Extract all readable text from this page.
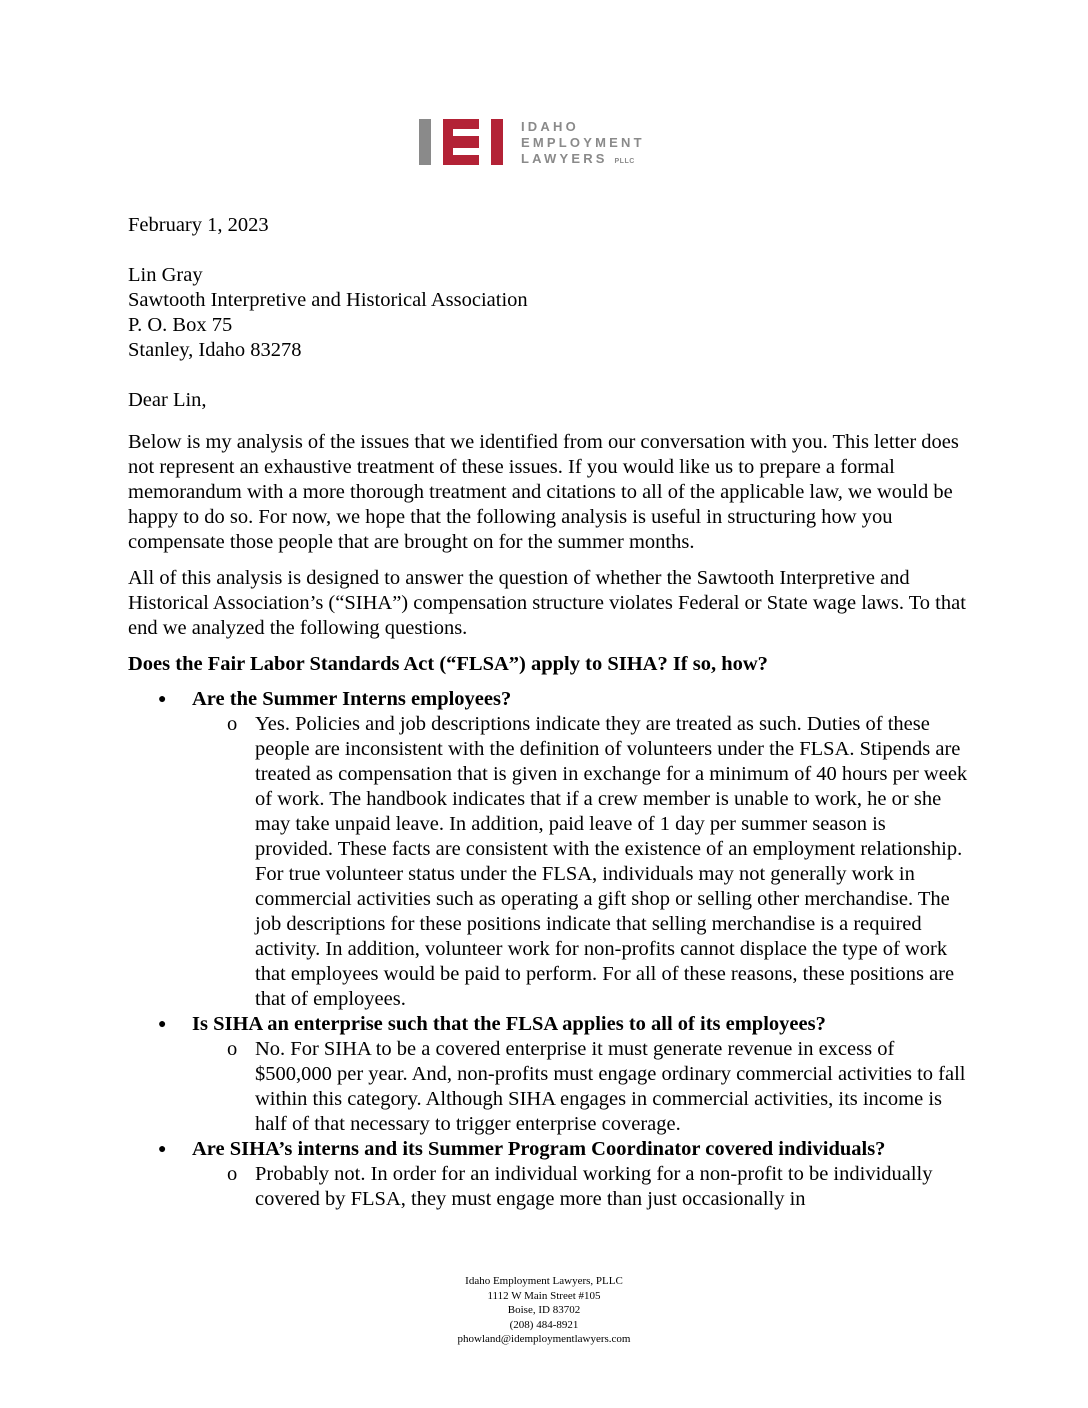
IDAHO
EMPLOYMENT
LAWYERS PLLC

February 1, 2023

Lin Gray

Sawtooth Interpretive and Historical Association

P. O. Box 75

Stanley, Idaho 83278

Dear Lin,

Below is my analysis of the issues that we identified from our conversation with you. This letter does not represent an exhaustive treatment of these issues. If you would like us to prepare a formal memorandum with a more thorough treatment and citations to all of the applicable law, we would be happy to do so. For now, we hope that the following analysis is useful in structuring how you compensate those people that are brought on for the summer months.

All of this analysis is designed to answer the question of whether the Sawtooth Interpretive and Historical Association’s (“SIHA”) compensation structure violates Federal or State wage laws. To that end we analyzed the following questions.

Does the Fair Labor Standards Act (“FLSA”) apply to SIHA? If so, how?

● Are the Summer Interns employees?
o Yes. Policies and job descriptions indicate they are treated as such. Duties of these people are inconsistent with the definition of volunteers under the FLSA. Stipends are treated as compensation that is given in exchange for a minimum of 40 hours per week of work. The handbook indicates that if a crew member is unable to work, he or she may take unpaid leave. In addition, paid leave of 1 day per summer season is provided. These facts are consistent with the existence of an employment relationship. For true volunteer status under the FLSA, individuals may not generally work in commercial activities such as operating a gift shop or selling other merchandise. The job descriptions for these positions indicate that selling merchandise is a required activity. In addition, volunteer work for non-profits cannot displace the type of work that employees would be paid to perform. For all of these reasons, these positions are that of employees.
● Is SIHA an enterprise such that the FLSA applies to all of its employees?
o No. For SIHA to be a covered enterprise it must generate revenue in excess of $500,000 per year. And, non-profits must engage ordinary commercial activities to fall within this category. Although SIHA engages in commercial activities, its income is half of that necessary to trigger enterprise coverage.
● Are SIHA’s interns and its Summer Program Coordinator covered individuals?
o Probably not. In order for an individual working for a non-profit to be individually covered by FLSA, they must engage more than just occasionally in
Idaho Employment Lawyers, PLLC
1112 W Main Street #105
Boise, ID 83702
(208) 484-8921
phowland@idemploymentlawyers.com
